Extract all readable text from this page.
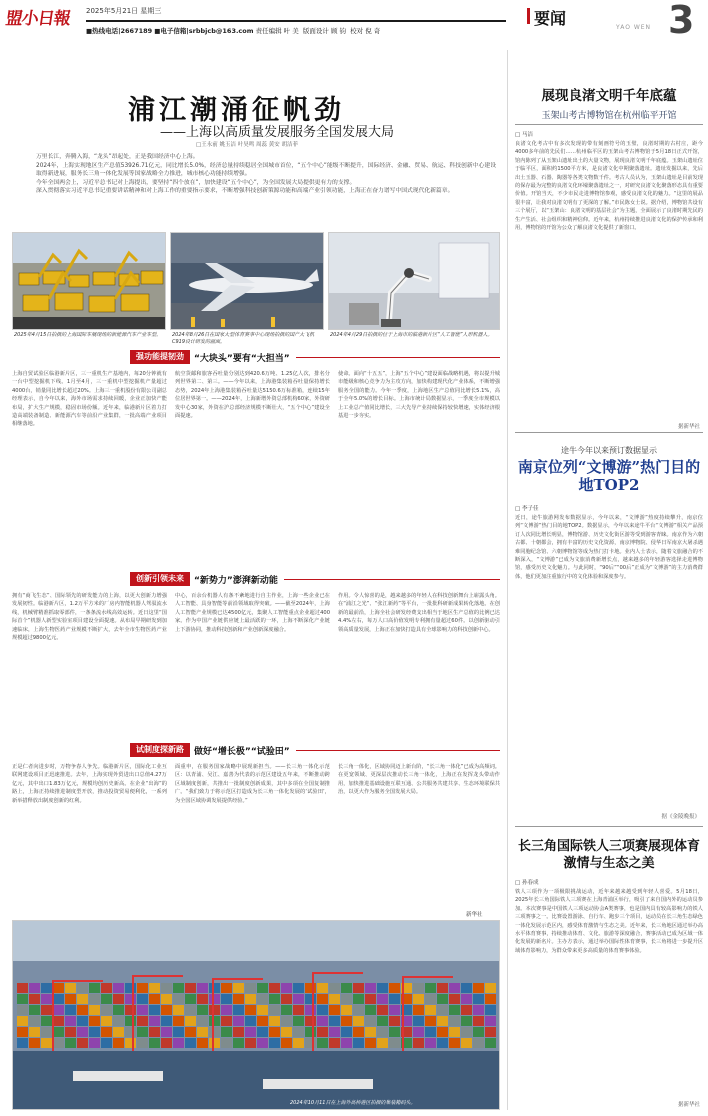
盟小日報 2025年5月21日 星期三
■热线电话|2667189 ■电子信箱|srbbjcb@163.com 责任编辑 叶 美 版面设计 顾 钧 校对 倪 奇
要闻	YAO WEN 3
浦江潮涌征帆劲
——上海以高质量发展服务全国发展大局
□王永前 姚玉洁 叶昊鸣 周蕊 黄安 胡洁菲
万里长江，奔腾入海，“龙头”昂起处，正是我国经济中心上海。
2024年，上海实现地区生产总值53926.71亿元，同比增长5.0%，经济总量持续稳居全国城市首位，“五个中心”能级不断提升，国际经济、金融、贸易、航运、科技创新中心建设取得新进展，服务长三角一体化发展等国家战略全力推进，城市核心功能持续增强。
今年全国两会上，习近平总书记对上海提出，要坚持“四个放在”，加快建设“五个中心”，为全国发展大局提供更有力的支撑。
深入贯彻落实习近平总书记重要讲话精神和对上海工作的重要指示要求，不断增强科技创新策源功能和高端产业引领功能，上海正在奋力谱写中国式现代化新篇章。
2025年4月15日拍摄的上海国际车展现场的新能源汽车产业车型。	2024年8月26日在国家大型体育赛事中心现场拍摄的国产大飞机C919设计研发的画面。
2024年4月29日拍摄的位于上海市的临港新片区“人工智能”人形机器人。
强功能提韧劲	“大块头”要有“大担当”
上海自贸试验区临港新片区，三一重机生产基地内，每20分钟就有一台中型挖掘机下线。1月至4月，三一重机中型挖掘机产量超过4000台，销量同比增长超过20%。上海三一重机股份有限公司副总经理表示，自今年以来，海外市场需求持续回暖，企业正加快产能布局，扩大生产规模，稳固市场份额。近年来，临港新片区着力打造高端装备制造、新能源汽车等前沿产业集群，一批高端产业项目相继落地。
航空货邮和旅客吞吐量分别达到420.6万吨、1.25亿人次，排名分列世界第二、第三。——今年以来，上海港集装箱吞吐量保持增长态势，2024年上海港集装箱吞吐量达5150.6万标准箱，连续15年位居世界第一。——2024年，上海新增外资总部机构60家，外资研发中心30家，外资在沪总部经济规模不断壮大，“五个中心”建设全面提速。
使命。面向“十五五”，上海“五个中心”建设面临战略机遇，将以提升城市能级和核心竞争力为主攻方向，加快构建现代化产业体系，不断增强服务全国的能力。今年一季度，上海地区生产总值同比增长5.1%，高于全年5.0%的增长目标。上海市统计局数据显示，一季度全市规模以上工业总产值同比增长，三大先导产业持续保持较快增速，实体经济根基进一步夯实。
创新引领未来	“新势力”澎湃新动能
拥有“商飞生态”、国际领先的研发能力的上海，以更大创新力增强发展韧性。临港新片区，1.2万平方米的厂房内智能机器人驾驭流水线，机械臂精准抓取零部件，一条条流水线高效运转。近日这里“国际首个”机器人新型实验室项目建设全面提速。从布局早期研发到加速临床，上海生物医药产业规模不断扩大，去年全市生物医药产业规模超过9800亿元。
中心，百余台机器人有条不紊地进行自主作业，上海一些企业已在人工智能、具身智能等前沿领域取得突破。——截至2024年，上海人工智能产业规模已达4500亿元，集聚人工智能重点企业超过400家。作为中国产业链供应链上最活跃的一环，上海不断深化产业链上下游协同，推动科技创新和产业创新深度融合。
作用。令人惊喜的是，越来越多的年轻人在科技创新舞台上崭露头角。在“浦江之光”、“张江新药”等平台，一批批科研新成果转化落地。在创新的最前沿，上海全社会研发经费支出相当于地区生产总值的比例已达4.4%左右，每万人口高价值发明专利拥有量超过60件。以创新驱动引领高质量发展，上海正在加快打造具有全球影响力的科技创新中心。
试制度探新路	做好“增长极”“试验田”
正是仁者向进步时，万物争春人争先。临港新片区，国际化工业互联网建设项目正迅速推进。去年，上海实现外贸进出口总值4.27万亿元，其中出口1.83万亿元，规模均创历史新高。在企业“出海”的路上，上海正持续推进制度型开放，推动投资贸易便利化，一系列新举措释放出制度创新的红利。
面重申，在服务国家战略中展现新担当。——长三角一体化示范区：以青浦、吴江、嘉善为代表的示范区建设五年来，不断推动跨区域制度创新，共推出一批制度创新成果，其中多项在全国复制推广。“我们致力于将示范区打造成为长三角一体化发展的‘试验田’，为全国区域协调发展提供经验。”
长三角一体化，区域协同迈上新台阶，“长三角一体化”已成为高频词。在更宽领域、更深层次推动长三角一体化，上海正在发挥龙头带动作用，加快推进基础设施互联互通、公共服务共建共享、生态环境联保共治，以更大作为服务全国发展大局。
新华社
2024年10月11日在上海外高桥港区拍摄的集装箱码头。
展现良渚文明千年底蕴
玉架山考古博物馆在杭州临平开馆
□ 马洁
良渚文化考古中有多次发现的带有刻画符号的玉璧，良渚时期的古村庄，距今4000多年前的先民们……杭州临平区的玉架山考古博物馆于5月18日正式开馆，馆内陈列了从玉架山遗址出土的大量文物，展现良渚文明千年底蕴。玉架山遗址位于临平区，面积约1500平方米，是良渚文化中期聚落遗址。遗址发掘以来，先后出土玉器、石器、陶器等各类文物数千件。考古人员认为，玉架山遗址是目前发现的保存最为完整的良渚文化环壕聚落遗址之一，对研究良渚文化聚落形态具有重要价值。开馆当天，不少市民走进博物馆参观，感受良渚文化的魅力。“这里的展品很丰富，让我对良渚文明有了更深的了解。”市民陈女士说。据介绍，博物馆共设有三个展厅，以“玉架山：良渚文明的基层社会”为主题，全面展示了良渚时期先民的生产生活、社会组织和精神信仰。近年来，杭州持续推进良渚文化的保护传承和利用，博物馆的开馆为公众了解良渚文化提供了新窗口。
据新华社
途牛今年以来预订数据显示
南京位列“文博游”热门目的地TOP2
□ 李子佳
近日，途牛旅游网发布数据显示，今年以来，“文博游”热度持续攀升，南京位列“文博游”热门目的地TOP2。数据显示，今年以来途牛平台“文博游”相关产品预订人次同比增长明显，博物馆游、历史文化街区游等受到游客青睐。南京作为六朝古都、十朝都会，拥有丰富的历史文化资源，南京博物院、侵华日军南京大屠杀遇难同胞纪念馆、六朝博物馆等成为热门打卡地。业内人士表示，随着文旅融合的不断深入，“文博游”已成为文旅消费新增长点，越来越多的年轻游客选择走进博物馆，感受历史文化魅力。与此同时，“90后”“00后”正成为“文博游”的主力消费群体，他们更加注重旅行中的文化体验和深度参与。
据《金陵晚报》
长三角国际铁人三项赛展现体育激情与生态之美
□ 孙春成
铁人三项作为一项极限挑战运动，近年来越来越受到年轻人喜爱。5月18日，2025年长三角国际铁人三项赛在上海青浦区举行，吸引了来自国内外的运动员参加。本次赛事是中国铁人三项运动协会A类赛事，也是国内具有较高影响力的铁人三项赛事之一。比赛设置游泳、自行车、跑步三个项目，运动员在长三角生态绿色一体化发展示范区内，感受体育激情与生态之美。近年来，长三角地区通过举办高水平体育赛事，持续推动体育、文化、旅游等深度融合，赛事活动已成为区域一体化发展的新名片。主办方表示，通过举办国际性体育赛事，长三角将进一步提升区域体育影响力，为群众带来更多高质量的体育赛事体验。
据新华社
